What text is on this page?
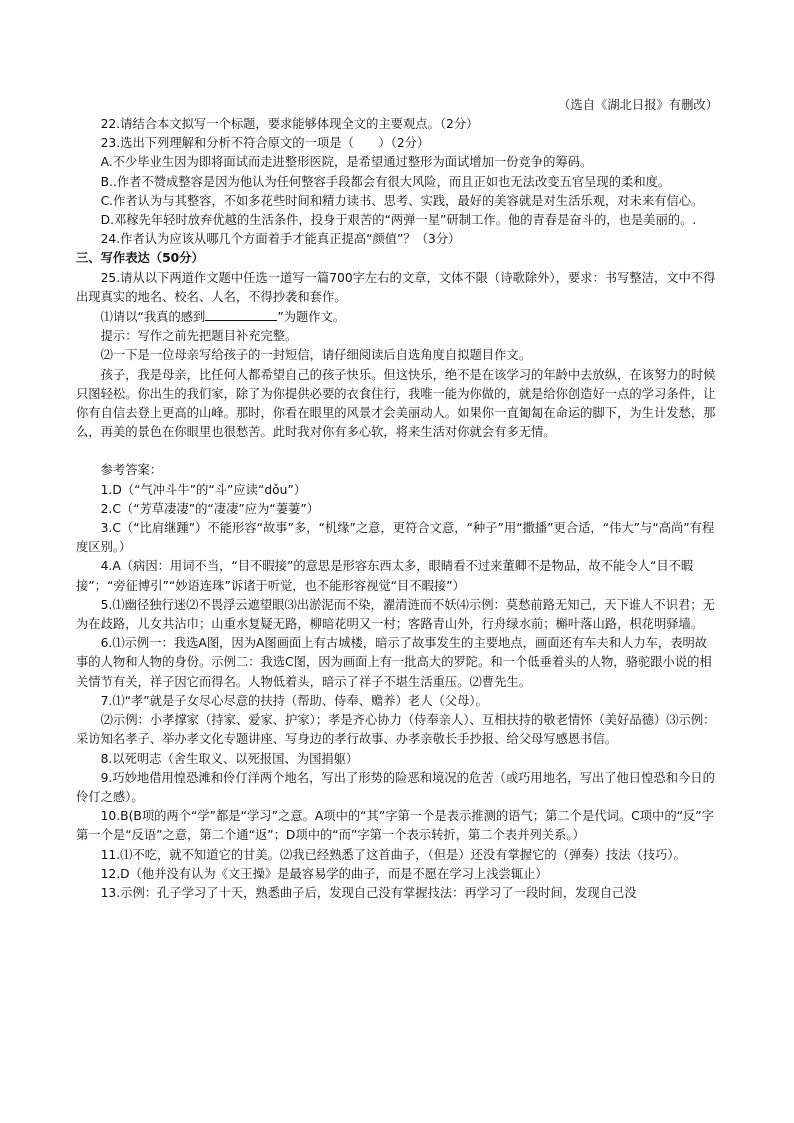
（选自《湖北日报》有删改）

22.请结合本文拟写一个标题，要求能够体现全文的主要观点。（2分）

23.选出下列理解和分析不符合原文的一项是（　　）（2分）

A.不少毕业生因为即将面试而走进整形医院，是希望通过整形为面试增加一份竞争的筹码。

B..作者不赞成整容是因为他认为任何整容手段都会有很大风险，而且正如也无法改变五官呈现的柔和度。

C.作者认为与其整容，不如多花些时间和精力读书、思考、实践，最好的美容就是对生活乐观，对未来有信心。

D.邓稼先年轻时放弃优越的生活条件，投身于艰苦的“两弹一星”研制工作。他的青春是奋斗的，也是美丽的。.

24.作者认为应该从哪几个方面着手才能真正提高“颜值”？（3分）

三、写作表达（50分）

25.请从以下两道作文题中任选一道写一篇700字左右的文章，文体不限（诗歌除外），要求：书写整洁，文中不得出现真实的地名、校名、人名，不得抄袭和套作。

⑴请以“我真的感到	”为题作文。

提示：写作之前先把题目补充完整。

⑵一下是一位母亲写给孩子的一封短信，请仔细阅读后自选角度自拟题目作文。

孩子，我是母亲，比任何人都希望自己的孩子快乐。但这快乐，绝不是在该学习的年龄中去放纵，在该努力的时候只图轻松。你出生的我们家，除了为你提供必要的衣食住行，我唯一能为你做的，就是给你创造好一点的学习条件，让你有自信去登上更高的山峰。那时，你看在眼里的风景才会美丽动人。如果你一直匍匐在命运的脚下，为生计发愁，那么，再美的景色在你眼里也很愁苦。此时我对你有多心软，将来生活对你就会有多无情。

参考答案：

1.D（“气冲斗牛”的“斗”应读“dǒu”）

2.C（“芳草凄凄”的“凄凄”应为“萋萋”）

3.C（“比肩继踵”）不能形容“故事”多，“机缘”之意，更符合文意，“种子”用“撒播”更合适，“伟大”与“高尚”有程度区别。）

4.A（病因：用词不当，“目不暇接”的意思是形容东西太多，眼睛看不过来董卿不是物品，故不能令人“目不暇接”；“旁征博引”“妙语连珠”诉诸于听觉，也不能形容视觉“目不暇接”）

5.⑴幽径独行迷⑵不畏浮云遮望眼⑶出淤泥而不染，濯清涟而不妖⑷示例：莫愁前路无知己，天下谁人不识君；无为在歧路，儿女共沾巾；山重水复疑无路，柳暗花明又一村；客路青山外，行舟绿水前；槲叶落山路，枳花明驿墙。

6.⑴示例一：我选A图，因为A图画面上有古城楼，暗示了故事发生的主要地点，画面还有车夫和人力车，表明故事的人物和人物的身份。示例二：我选C图，因为画面上有一批高大的罗陀。和一个低垂着头的人物，骆驼跟小说的相关情节有关，祥子因它而得名。人物低着头，暗示了祥子不堪生活重压。⑵曹先生。

7.⑴“孝”就是子女尽心尽意的扶持（帮助、侍奉、赡养）老人（父母）。

⑵示例：小孝撑家（持家、爱家、护家）；孝是齐心协力（侍奉亲人）、互相扶持的敬老情怀（美好品德）⑶示例：采访知名孝子、举办孝文化专题讲座、写身边的孝行故事、办孝亲敬长手抄报、给父母写感恩书信。

8.以死明志（舍生取义、以死报国、为国捐躯）

9.巧妙地借用惶恐滩和伶仃洋两个地名，写出了形势的险恶和境况的危苦（或巧用地名，写出了他日惶恐和今日的伶仃之感）。

10.B(B项的两个“学”都是“学习”之意。A项中的“其”字第一个是表示推测的语气；第二个是代词。C项中的“反”字第一个是“反语”之意，第二个通“返”；D项中的“而”字第一个表示转折，第二个表并列关系。）

11.⑴不吃，就不知道它的甘美。⑵我已经熟悉了这首曲子，（但是）还没有掌握它的（弹奏）技法（技巧）。

12.D（他并没有认为《文王操》是最容易学的曲子，而是不愿在学习上浅尝辄止）

13.示例：孔子学习了十天，熟悉曲子后，发现自己没有掌握技法：再学习了一段时间，发现自己没
